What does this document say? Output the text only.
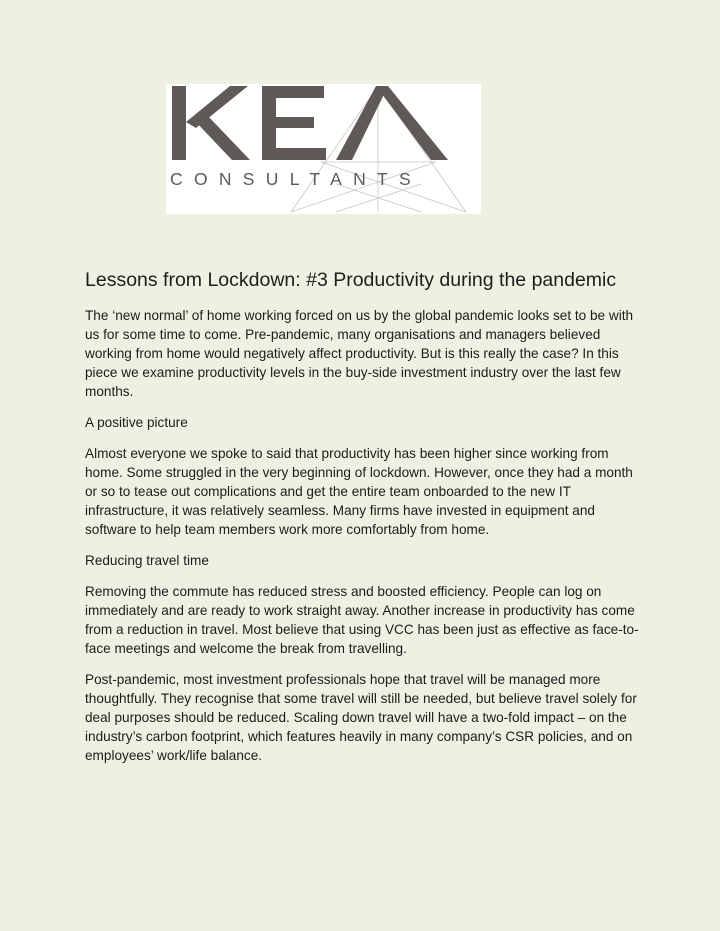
CONSULTANTS
Lessons from Lockdown: #3 Productivity during the pandemic

The ‘new normal’ of home working forced on us by the global pandemic looks set to be with us for some time to come. Pre-pandemic, many organisations and managers believed working from home would negatively affect productivity. But is this really the case? In this piece we examine productivity levels in the buy-side investment industry over the last few months.

A positive picture

Almost everyone we spoke to said that productivity has been higher since working from home. Some struggled in the very beginning of lockdown. However, once they had a month or so to tease out complications and get the entire team onboarded to the new IT infrastructure, it was relatively seamless. Many firms have invested in equipment and software to help team members work more comfortably from home.

Reducing travel time

Removing the commute has reduced stress and boosted efficiency. People can log on immediately and are ready to work straight away. Another increase in productivity has come from a reduction in travel. Most believe that using VCC has been just as effective as face-to-face meetings and welcome the break from travelling.

Post-pandemic, most investment professionals hope that travel will be managed more thoughtfully. They recognise that some travel will still be needed, but believe travel solely for deal purposes should be reduced. Scaling down travel will have a two-fold impact – on the industry’s carbon footprint, which features heavily in many company’s CSR policies, and on employees’ work/life balance.
